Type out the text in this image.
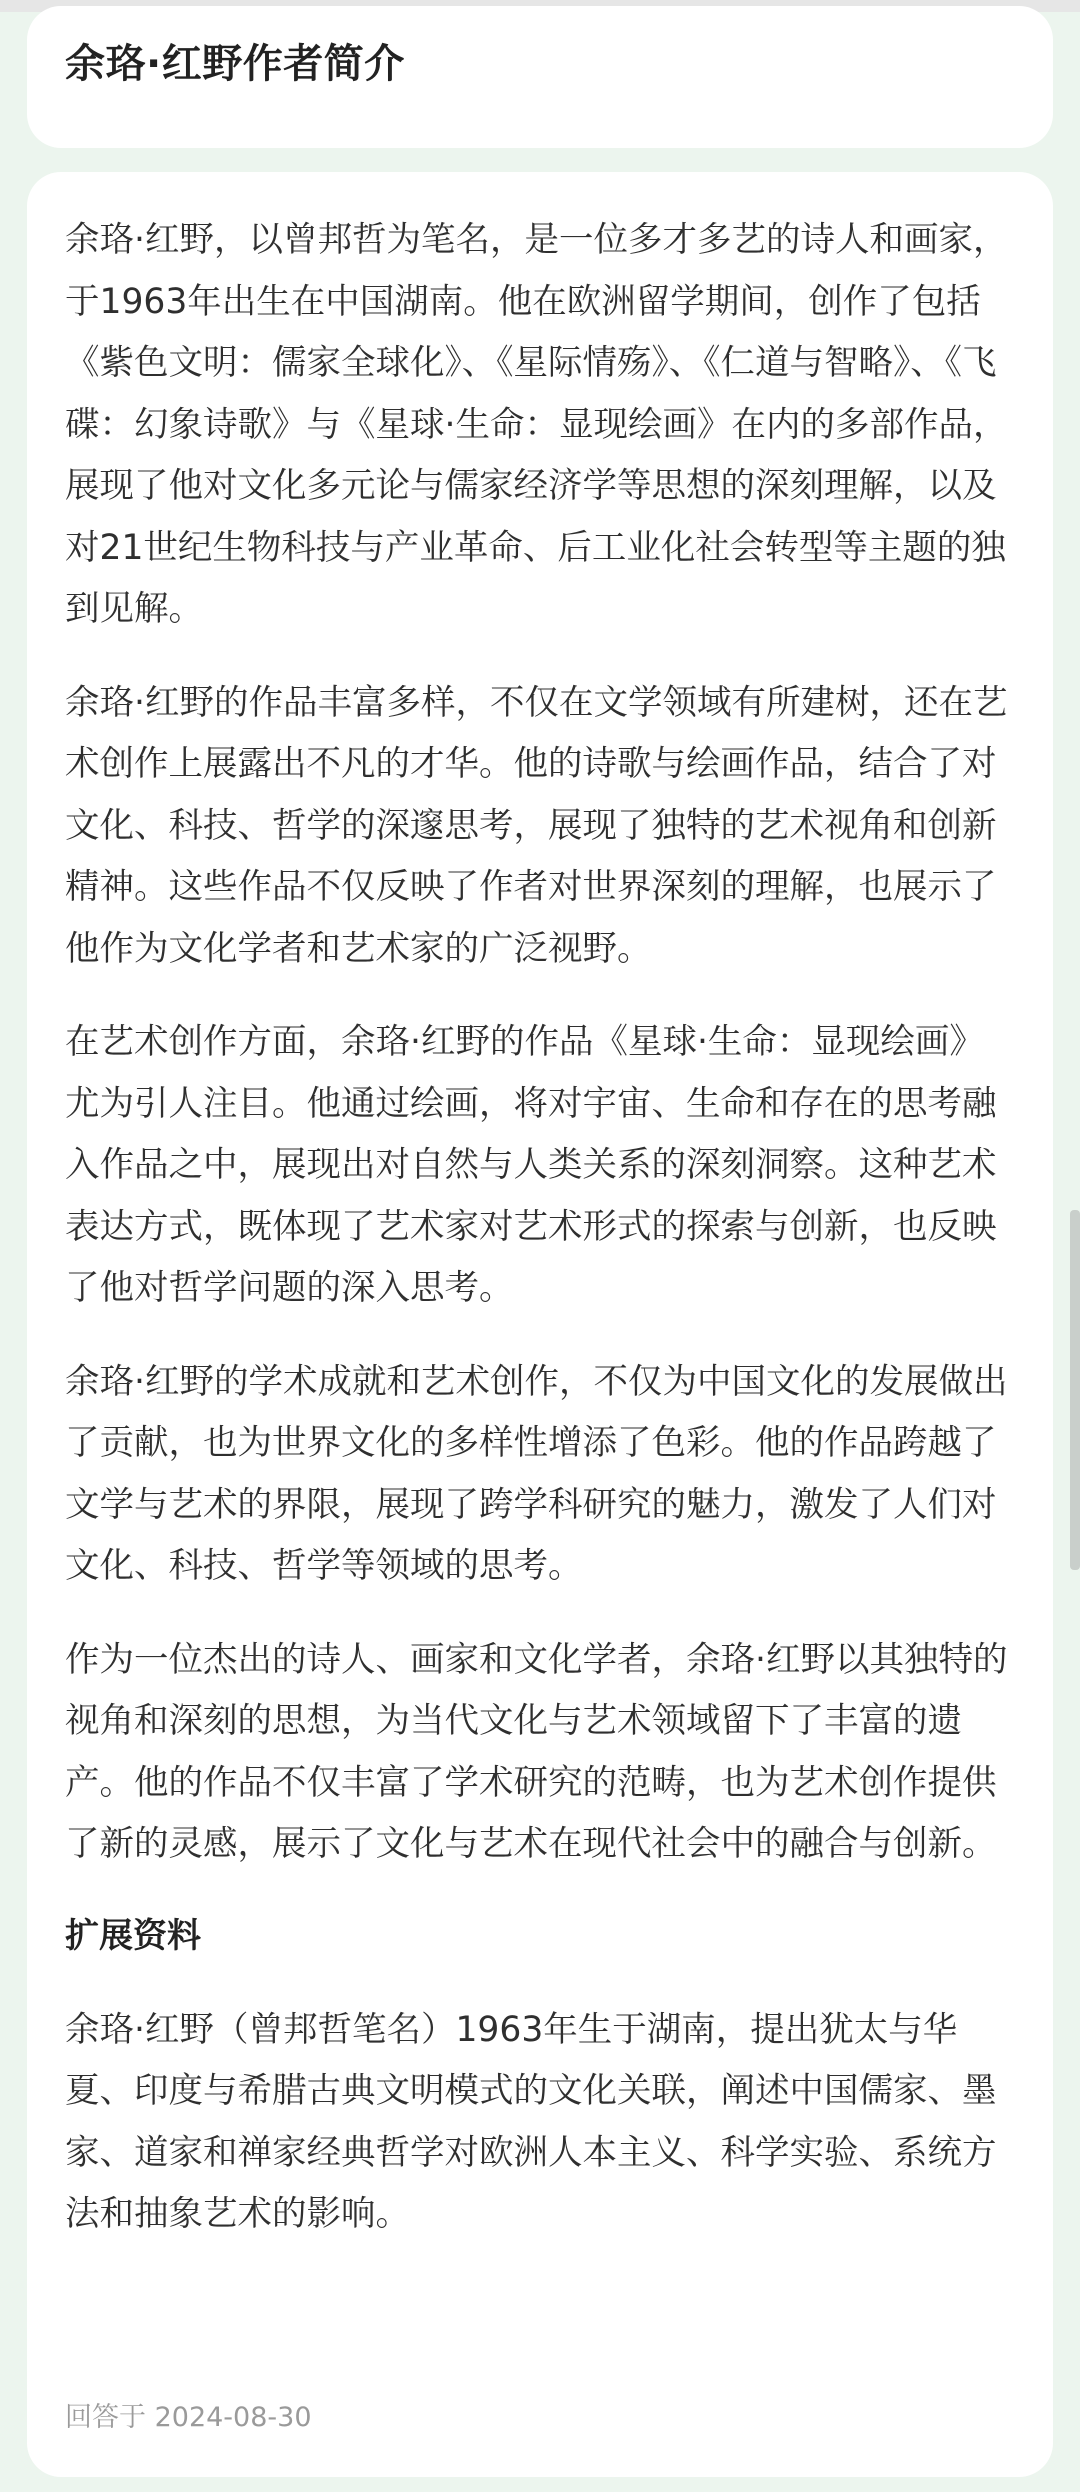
余珞·红野作者简介

余珞·红野，以曾邦哲为笔名，是一位多才多艺的诗人和画家，于1963年出生在中国湖南。他在欧洲留学期间，创作了包括《紫色文明：儒家全球化》、《星际情殇》、《仁道与智略》、《飞碟：幻象诗歌》与《星球·生命：显现绘画》在内的多部作品，展现了他对文化多元论与儒家经济学等思想的深刻理解，以及对21世纪生物科技与产业革命、后工业化社会转型等主题的独到见解。

余珞·红野的作品丰富多样，不仅在文学领域有所建树，还在艺术创作上展露出不凡的才华。他的诗歌与绘画作品，结合了对文化、科技、哲学的深邃思考，展现了独特的艺术视角和创新精神。这些作品不仅反映了作者对世界深刻的理解，也展示了他作为文化学者和艺术家的广泛视野。

在艺术创作方面，余珞·红野的作品《星球·生命：显现绘画》尤为引人注目。他通过绘画，将对宇宙、生命和存在的思考融入作品之中，展现出对自然与人类关系的深刻洞察。这种艺术表达方式，既体现了艺术家对艺术形式的探索与创新，也反映了他对哲学问题的深入思考。

余珞·红野的学术成就和艺术创作，不仅为中国文化的发展做出了贡献，也为世界文化的多样性增添了色彩。他的作品跨越了文学与艺术的界限，展现了跨学科研究的魅力，激发了人们对文化、科技、哲学等领域的思考。

作为一位杰出的诗人、画家和文化学者，余珞·红野以其独特的视角和深刻的思想，为当代文化与艺术领域留下了丰富的遗产。他的作品不仅丰富了学术研究的范畴，也为艺术创作提供了新的灵感，展示了文化与艺术在现代社会中的融合与创新。

扩展资料

余珞·红野（曾邦哲笔名）1963年生于湖南，提出犹太与华夏、印度与希腊古典文明模式的文化关联，阐述中国儒家、墨家、道家和禅家经典哲学对欧洲人本主义、科学实验、系统方法和抽象艺术的影响。

回答于 2024-08-30
